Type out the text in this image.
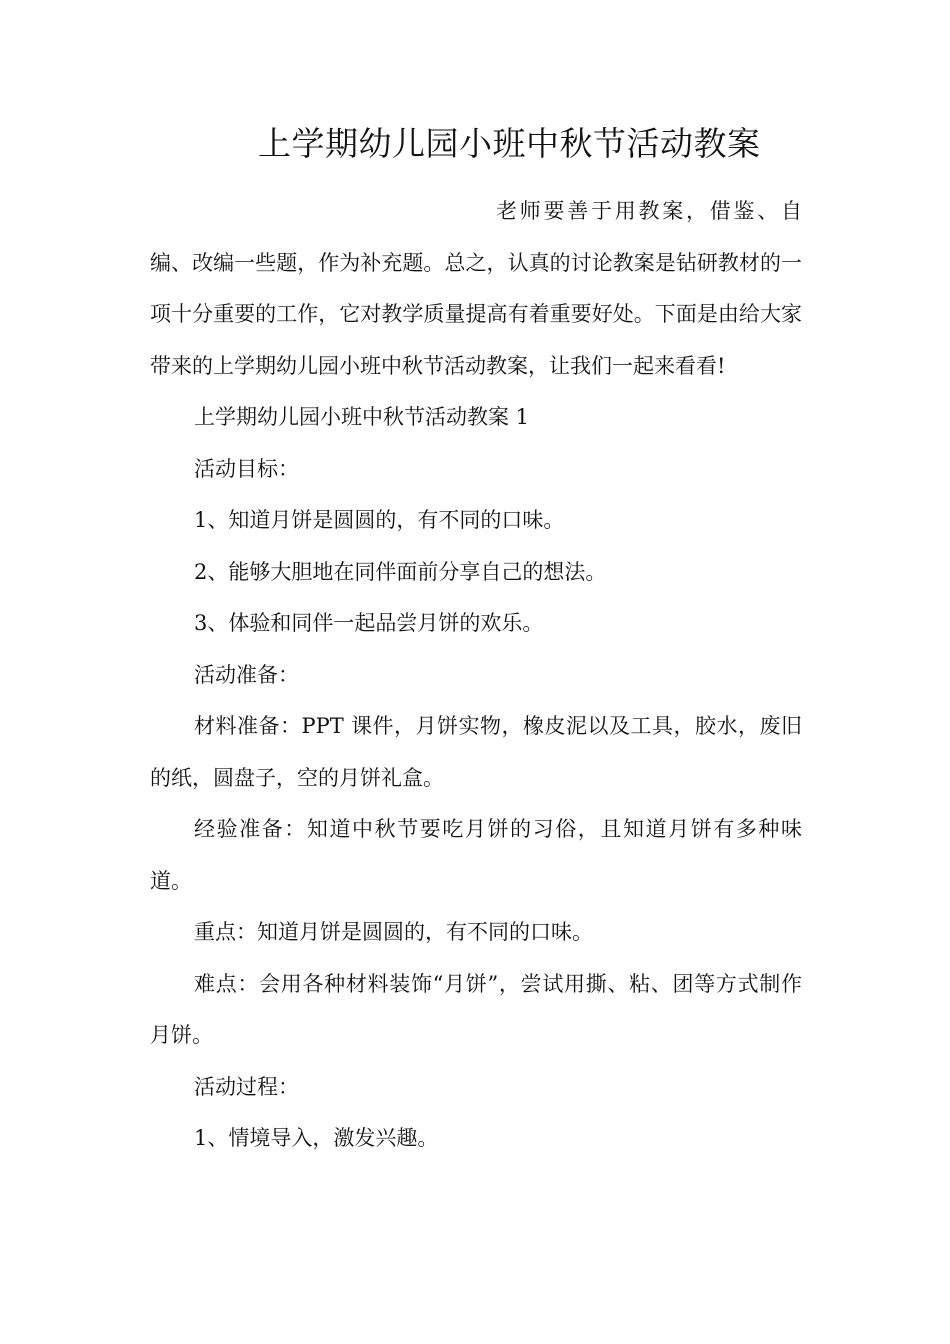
上学期幼儿园小班中秋节活动教案

老师要善于用教案，借鉴、自编、改编一些题，作为补充题。总之，认真的讨论教案是钻研教材的一项十分重要的工作，它对教学质量提高有着重要好处。下面是由给大家带来的上学期幼儿园小班中秋节活动教案，让我们一起来看看!

上学期幼儿园小班中秋节活动教案 1

活动目标：

1、知道月饼是圆圆的，有不同的口味。

2、能够大胆地在同伴面前分享自己的想法。

3、体验和同伴一起品尝月饼的欢乐。

活动准备：

材料准备：PPT 课件，月饼实物，橡皮泥以及工具，胶水，废旧的纸，圆盘子，空的月饼礼盒。

经验准备：知道中秋节要吃月饼的习俗，且知道月饼有多种味道。

重点：知道月饼是圆圆的，有不同的口味。

难点：会用各种材料装饰“月饼”，尝试用撕、粘、团等方式制作月饼。

活动过程：

1、情境导入，激发兴趣。
